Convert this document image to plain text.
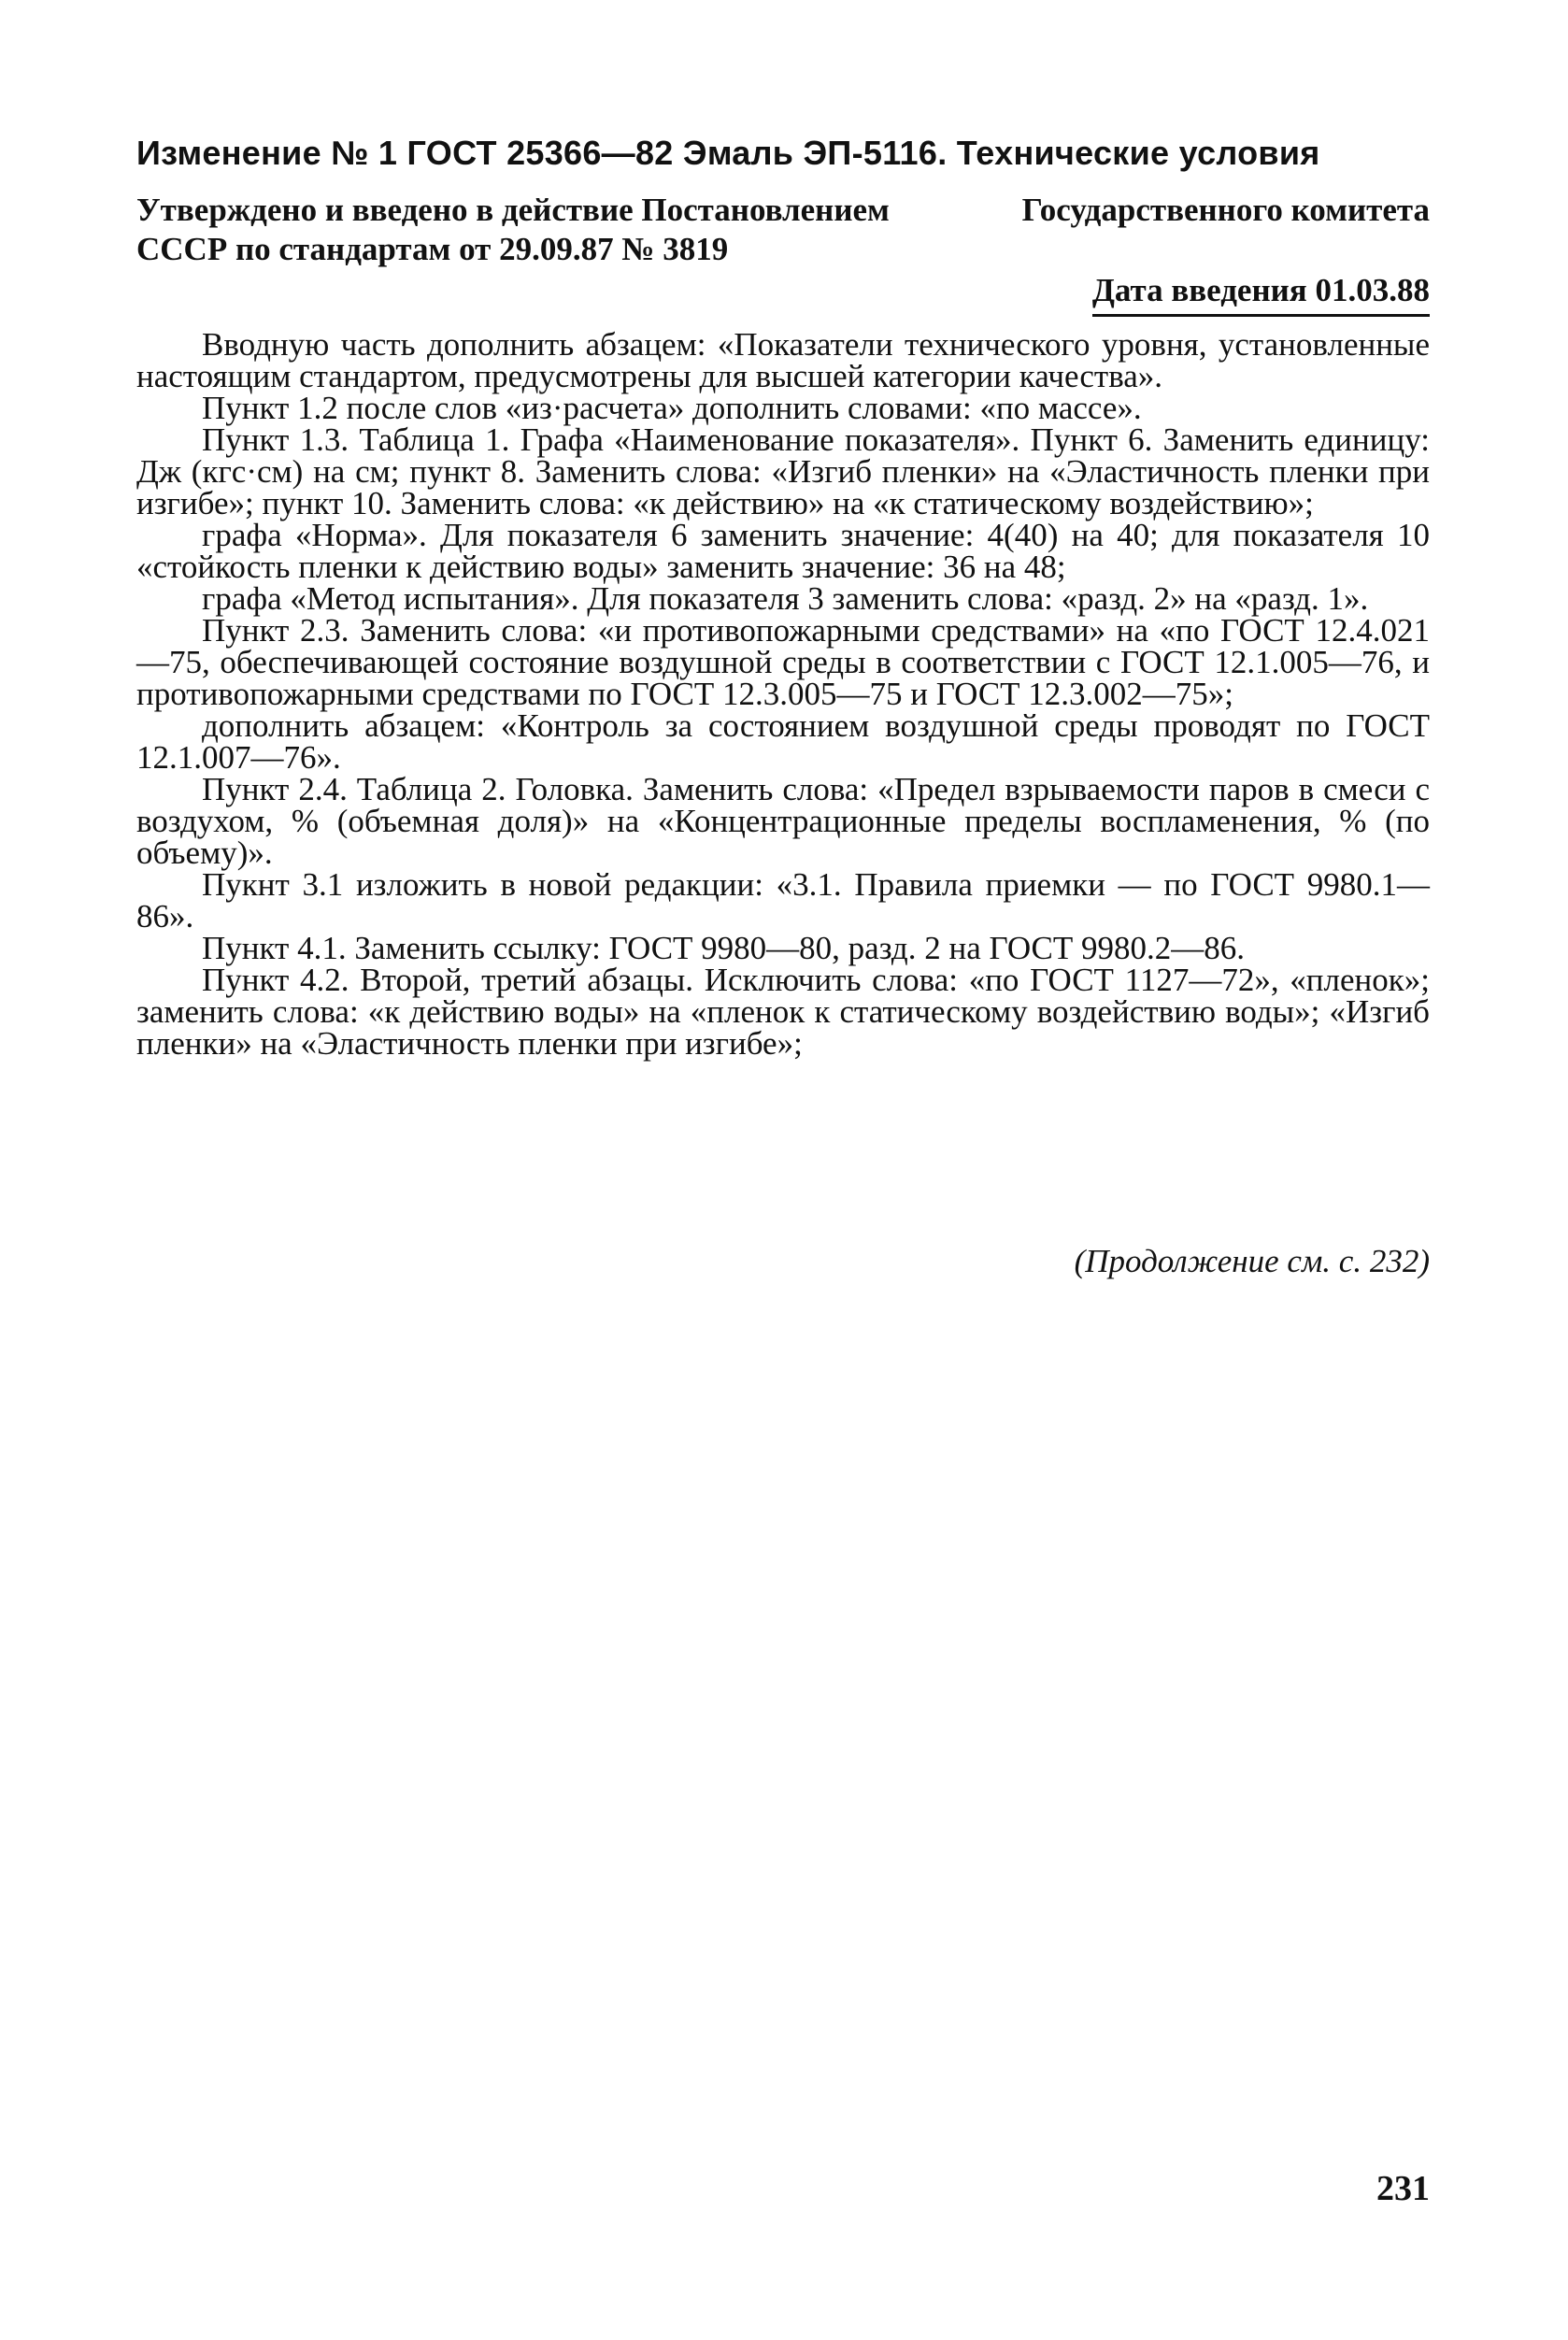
Изменение № 1 ГОСТ 25366—82 Эмаль ЭП-5116. Технические условия
Утверждено и введено в действие Постановлением	Государственного комитета
СССР по стандартам от 29.09.87 № 3819
Дата введения 01.03.88

Вводную часть дополнить абзацем: «Показатели технического уровня, установленные настоящим стандартом, предусмотрены для высшей категории качества».

Пункт 1.2 после слов «из·расчета» дополнить словами: «по массе».

Пункт 1.3. Таблица 1. Графа «Наименование показателя». Пункт 6. Заменить единицу: Дж (кгс·см) на см; пункт 8. Заменить слова: «Изгиб пленки» на «Эластичность пленки при изгибе»; пункт 10. Заменить слова: «к действию» на «к статическому воздействию»;

графа «Норма». Для показателя 6 заменить значение: 4(40) на 40; для показателя 10 «стойкость пленки к действию воды» заменить значение: 36 на 48;

графа «Метод испытания». Для показателя 3 заменить слова: «разд. 2» на «разд. 1».

Пункт 2.3. Заменить слова: «и противопожарными средствами» на «по ГОСТ 12.4.021—75, обеспечивающей состояние воздушной среды в соответствии с ГОСТ 12.1.005—76, и противопожарными средствами по ГОСТ 12.3.005—75 и ГОСТ 12.3.002—75»;

дополнить абзацем: «Контроль за состоянием воздушной среды проводят по ГОСТ 12.1.007—76».

Пункт 2.4. Таблица 2. Головка. Заменить слова: «Предел взрываемости паров в смеси с воздухом, % (объемная доля)» на «Концентрационные пределы воспламенения, % (по объему)».

Пукнт 3.1 изложить в новой редакции: «3.1. Правила приемки — по ГОСТ 9980.1—86».

Пункт 4.1. Заменить ссылку: ГОСТ 9980—80, разд. 2 на ГОСТ 9980.2—86.

Пункт 4.2. Второй, третий абзацы. Исключить слова: «по ГОСТ 1127—72», «пленок»; заменить слова: «к действию воды» на «пленок к статическому воздействию воды»; «Изгиб пленки» на «Эластичность пленки при изгибе»;

(Продолжение см. с. 232)
231
